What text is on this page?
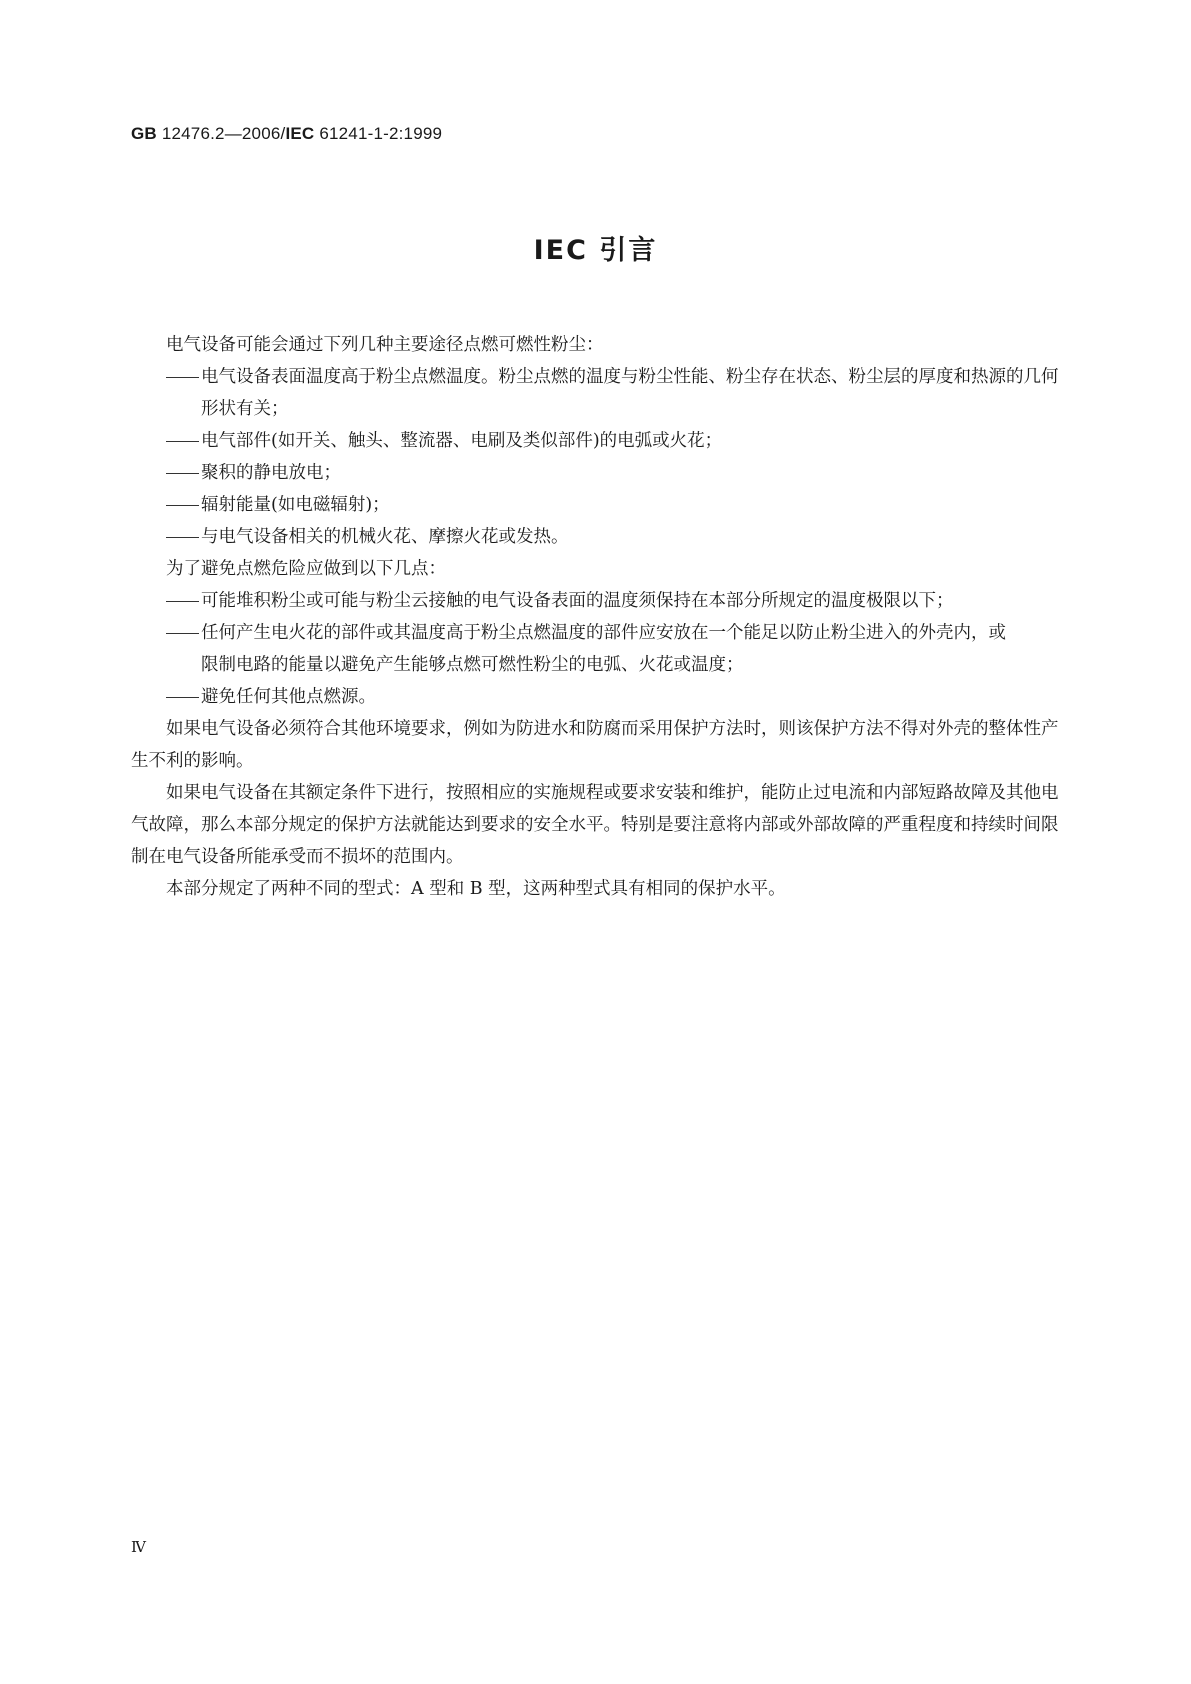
GB 12476.2—2006/IEC 61241-1-2:1999
IEC 引言

电气设备可能会通过下列几种主要途径点燃可燃性粉尘：

电气设备表面温度高于粉尘点燃温度。粉尘点燃的温度与粉尘性能、粉尘存在状态、粉尘层的厚度和热源的几何形状有关；
电气部件(如开关、触头、整流器、电刷及类似部件)的电弧或火花；
聚积的静电放电；
辐射能量(如电磁辐射)；
与电气设备相关的机械火花、摩擦火花或发热。

为了避免点燃危险应做到以下几点：

可能堆积粉尘或可能与粉尘云接触的电气设备表面的温度须保持在本部分所规定的温度极限以下；
任何产生电火花的部件或其温度高于粉尘点燃温度的部件应安放在一个能足以防止粉尘进入的外壳内，或
限制电路的能量以避免产生能够点燃可燃性粉尘的电弧、火花或温度；
避免任何其他点燃源。

如果电气设备必须符合其他环境要求，例如为防进水和防腐而采用保护方法时，则该保护方法不得对外壳的整体性产生不利的影响。

如果电气设备在其额定条件下进行，按照相应的实施规程或要求安装和维护，能防止过电流和内部短路故障及其他电气故障，那么本部分规定的保护方法就能达到要求的安全水平。特别是要注意将内部或外部故障的严重程度和持续时间限制在电气设备所能承受而不损坏的范围内。

本部分规定了两种不同的型式：A 型和 B 型，这两种型式具有相同的保护水平。

Ⅳ
